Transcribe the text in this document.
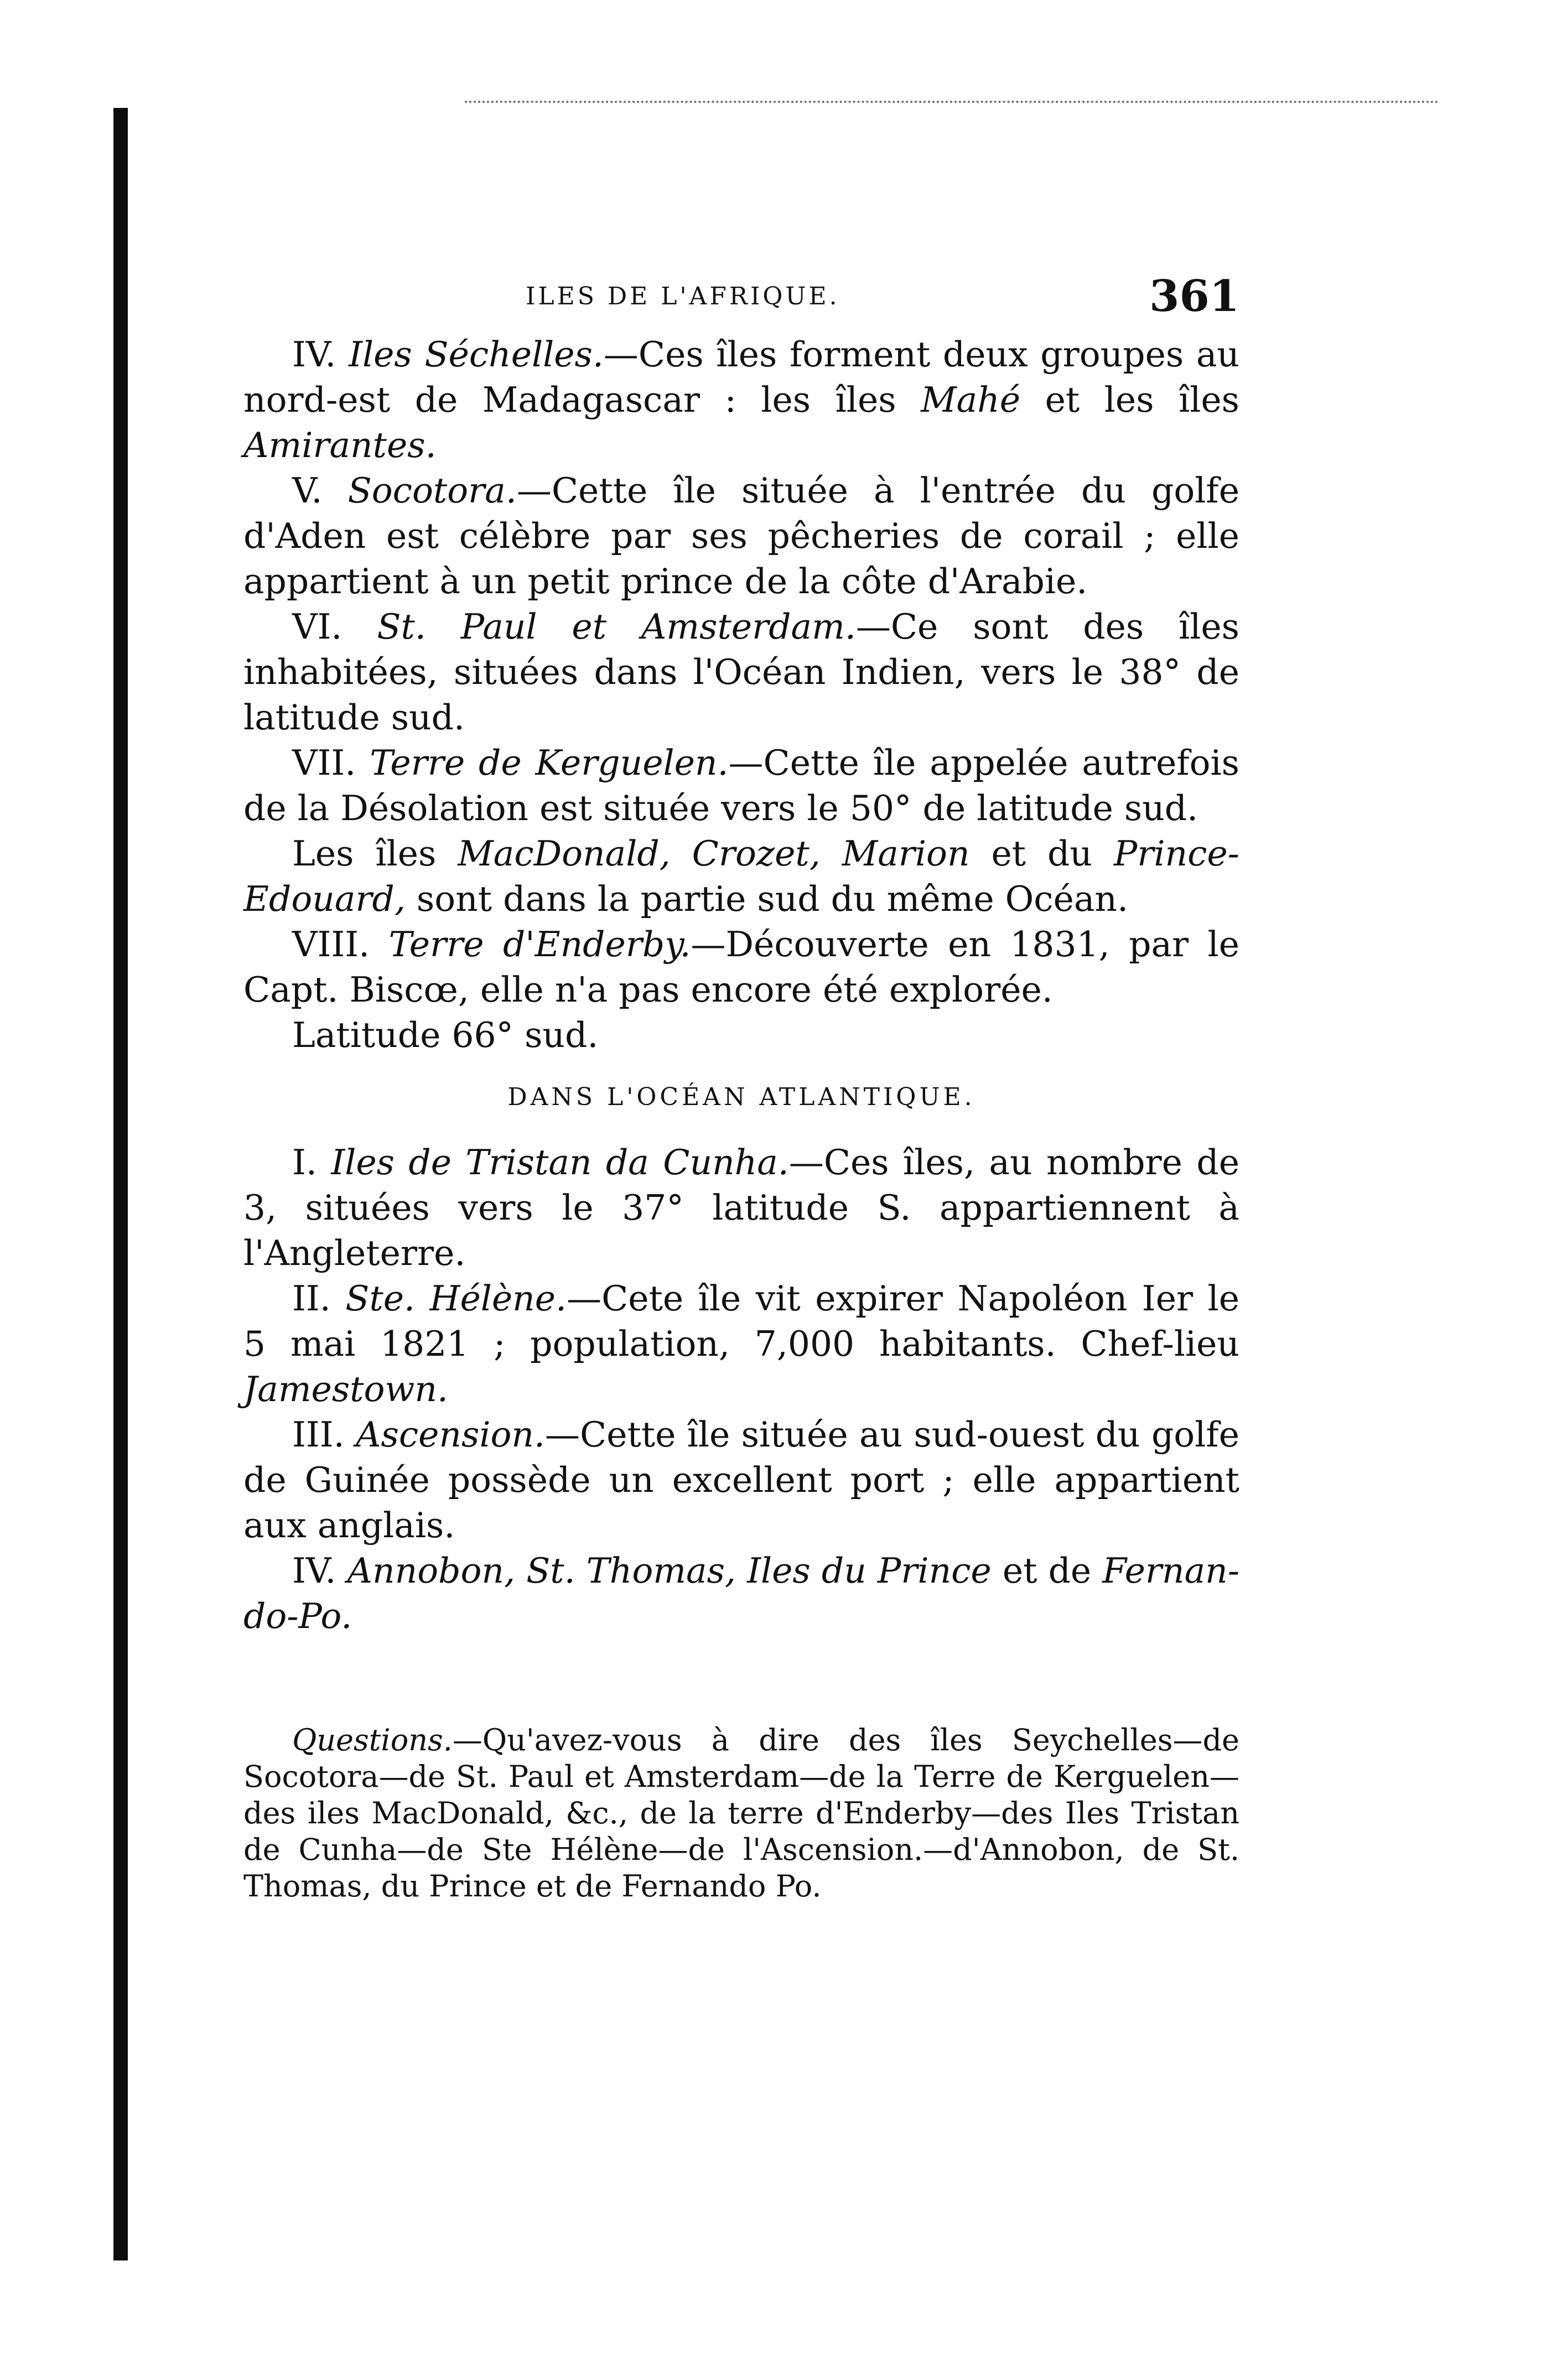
ILES DE L'AFRIQUE.	361

IV. Iles Séchelles.—Ces îles forment deux groupes au nord-est de Madagascar : les îles Mahé et les îles Amirantes.

V. Socotora.—Cette île située à l'entrée du golfe d'Aden est célèbre par ses pêcheries de corail ; elle appartient à un petit prince de la côte d'Arabie.

VI. St. Paul et Amsterdam.—Ce sont des îles inhabitées, situées dans l'Océan Indien, vers le 38° de latitude sud.

VII. Terre de Kerguelen.—Cette île appelée autrefois de la Désolation est située vers le 50° de latitude sud.

Les îles MacDonald, Crozet, Marion et du Prince-Edouard, sont dans la partie sud du même Océan.

VIII. Terre d'Enderby.—Découverte en 1831, par le Capt. Biscœ, elle n'a pas encore été explorée.

Latitude 66° sud.

DANS L'OCÉAN ATLANTIQUE.

I. Iles de Tristan da Cunha.—Ces îles, au nombre de 3, situées vers le 37° latitude S. appartiennent à l'Angleterre.

II. Ste. Hélène.—Cete île vit expirer Napoléon Ier le 5 mai 1821 ; population, 7,000 habitants. Chef-lieu Jamestown.

III. Ascension.—Cette île située au sud-ouest du golfe de Guinée possède un excellent port ; elle appartient aux anglais.

IV. Annobon, St. Thomas, Iles du Prince et de Fernan-do-Po.

Questions.—Qu'avez-vous à dire des îles Seychelles—de Socotora—de St. Paul et Amsterdam—de la Terre de Kerguelen—des iles MacDonald, &c., de la terre d'Enderby—des Iles Tristan de Cunha—de Ste Hélène—de l'Ascension.—d'Annobon, de St. Thomas, du Prince et de Fernando Po.
